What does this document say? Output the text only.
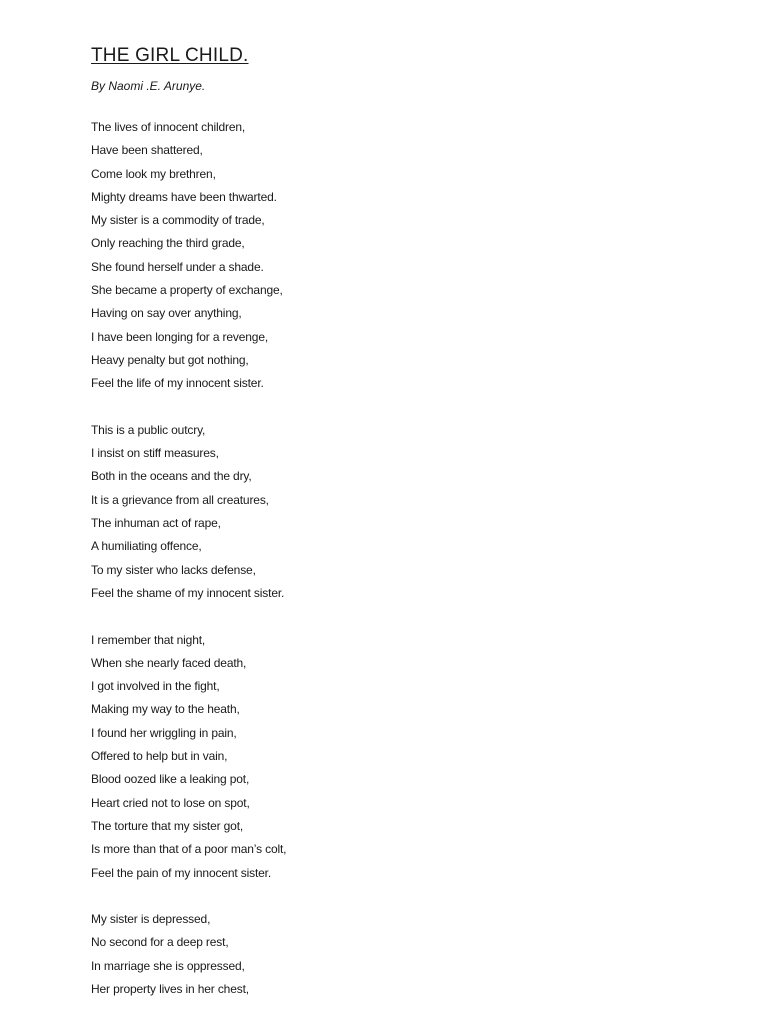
THE GIRL CHILD.

By Naomi .E. Arunye.

The lives of innocent children,
Have been shattered,
Come look my brethren,
Mighty dreams have been thwarted.
My sister is a commodity of trade,
Only reaching the third grade,
She found herself under a shade.
She became a property of exchange,
Having on say over anything,
I have been longing for a revenge,
Heavy penalty but got nothing,
Feel the life of my innocent sister.
This is a public outcry,
I insist on stiff measures,
Both in the oceans and the dry,
It is a grievance from all creatures,
The inhuman act of rape,
A humiliating offence,
To my sister who lacks defense,
Feel the shame of my innocent sister.
I remember that night,
When she nearly faced death,
I got involved in the fight,
Making my way to the heath,
I found her wriggling in pain,
Offered to help but in vain,
Blood oozed like a leaking pot,
Heart cried not to lose on spot,
The torture that my sister got,
Is more than that of a poor man’s colt,
Feel the pain of my innocent sister.
My sister is depressed,
No second for a deep rest,
In marriage she is oppressed,
Her property lives in her chest,
